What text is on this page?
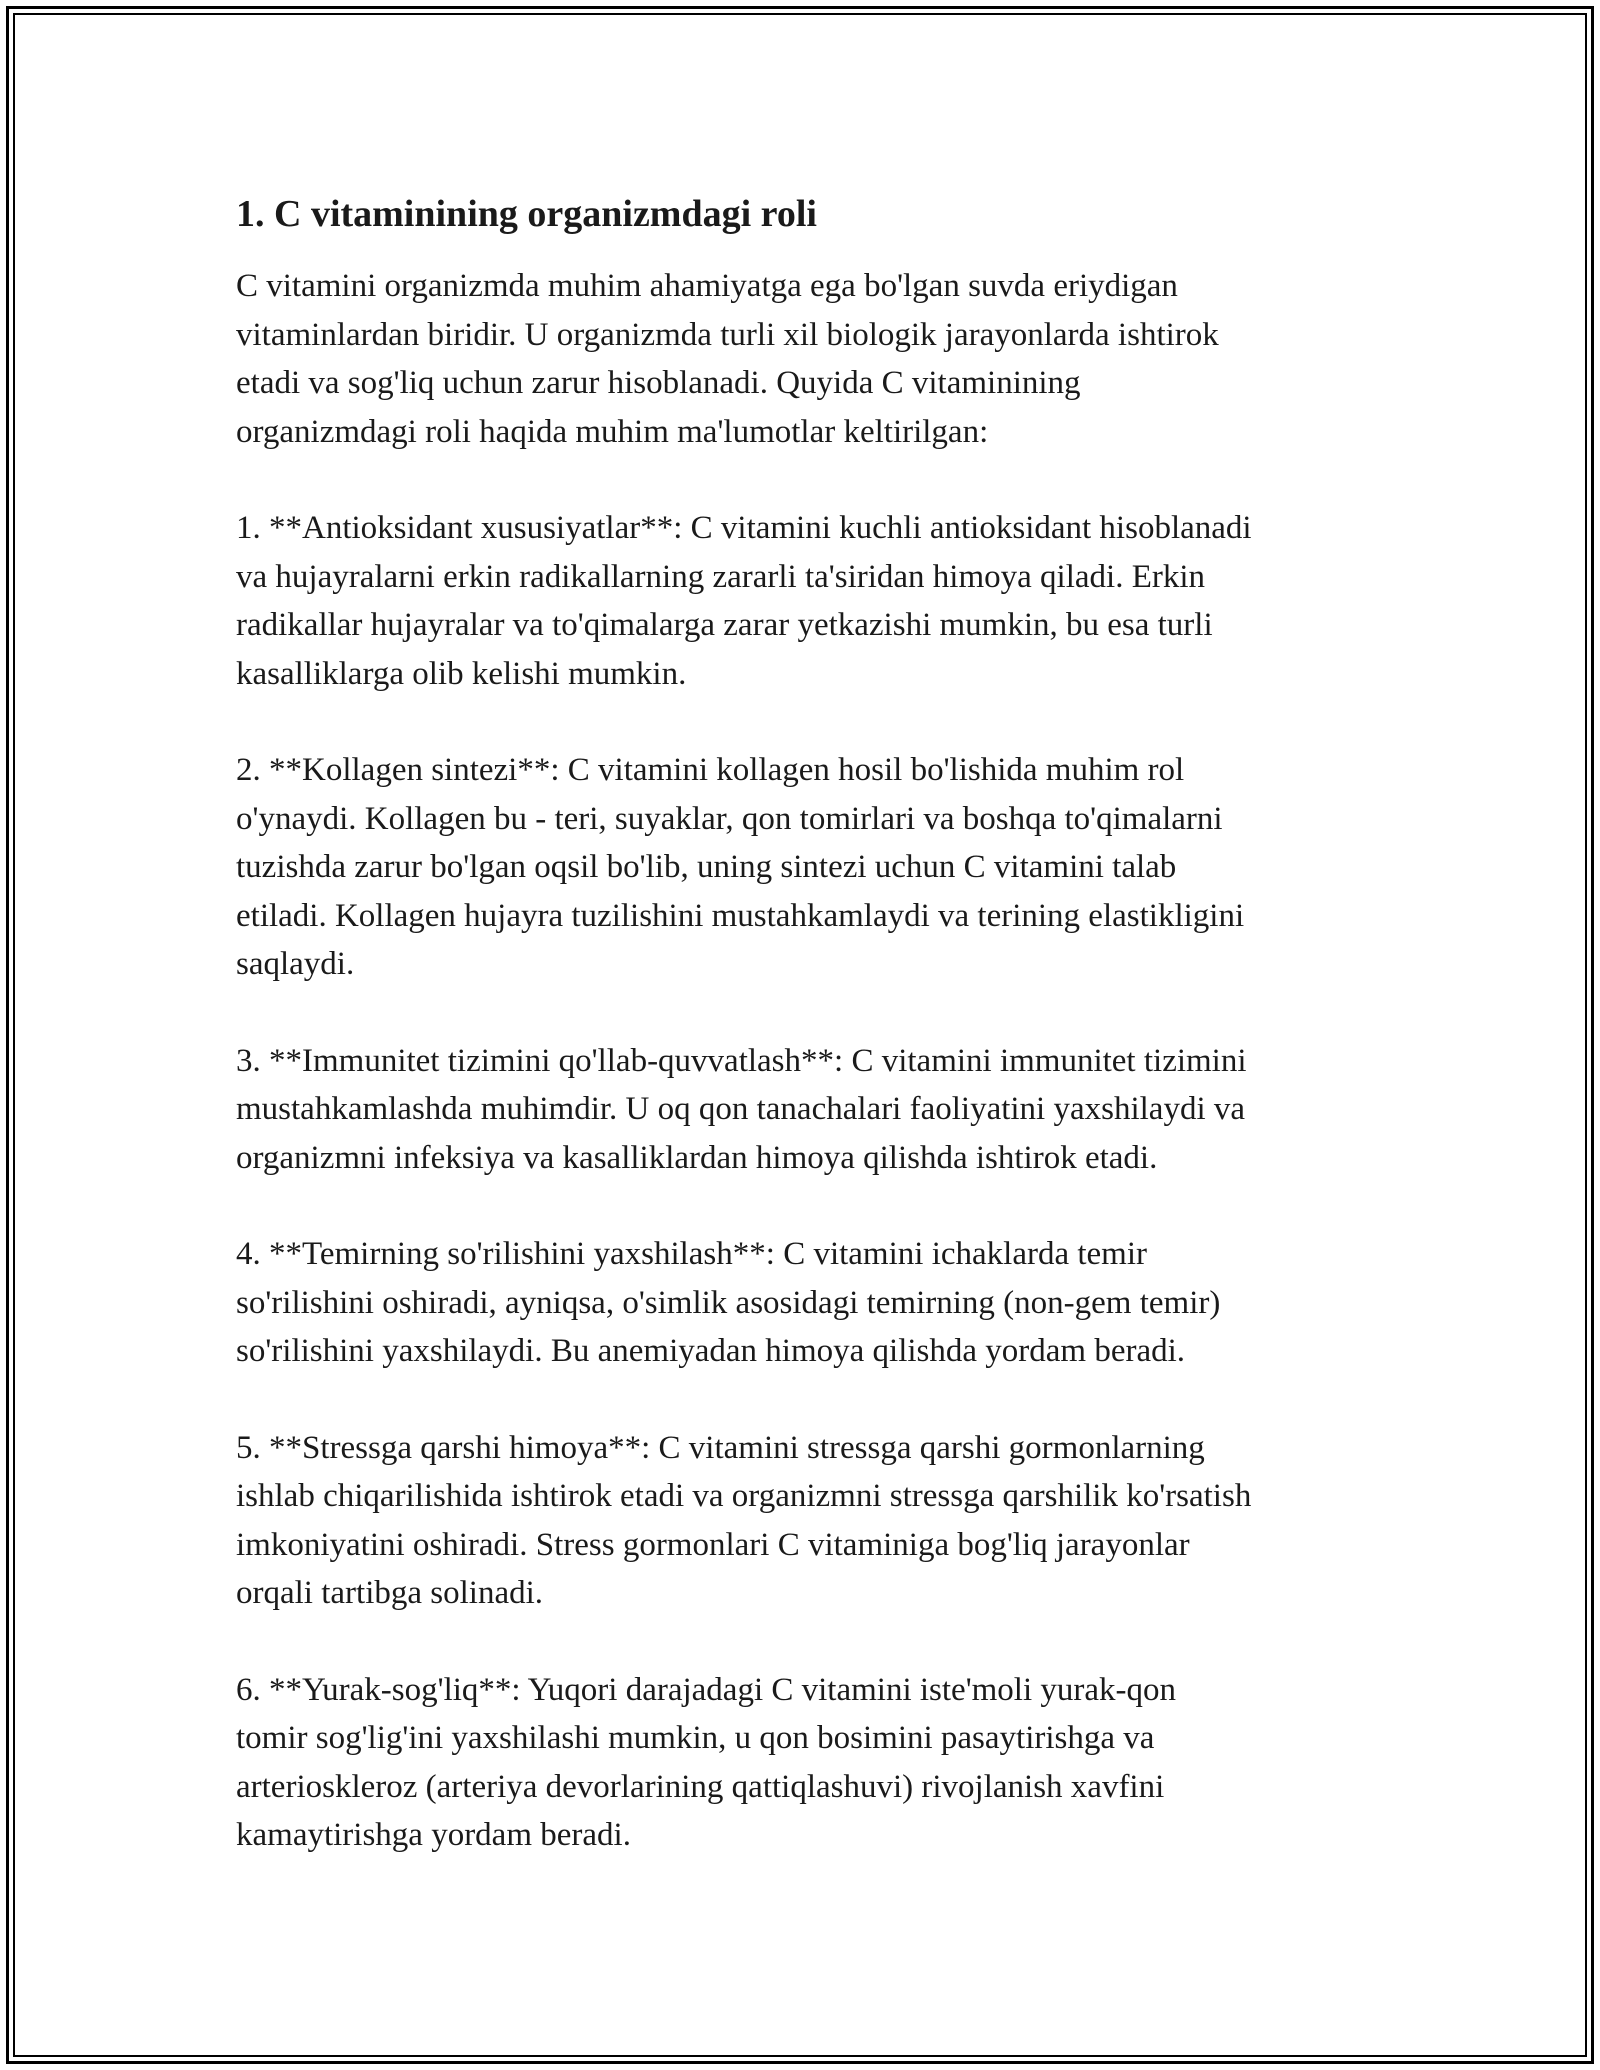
1. C vitaminining organizmdagi roli

C vitamini organizmda muhim ahamiyatga ega bo'lgan suvda eriydigan
vitaminlardan biridir. U organizmda turli xil biologik jarayonlarda ishtirok
etadi va sog'liq uchun zarur hisoblanadi. Quyida C vitaminining
organizmdagi roli haqida muhim ma'lumotlar keltirilgan:

1. **Antioksidant xususiyatlar**: C vitamini kuchli antioksidant hisoblanadi
va hujayralarni erkin radikallarning zararli ta'siridan himoya qiladi. Erkin
radikallar hujayralar va to'qimalarga zarar yetkazishi mumkin, bu esa turli
kasalliklarga olib kelishi mumkin.

2. **Kollagen sintezi**: C vitamini kollagen hosil bo'lishida muhim rol
o'ynaydi. Kollagen bu - teri, suyaklar, qon tomirlari va boshqa to'qimalarni
tuzishda zarur bo'lgan oqsil bo'lib, uning sintezi uchun C vitamini talab
etiladi. Kollagen hujayra tuzilishini mustahkamlaydi va terining elastikligini
saqlaydi.

3. **Immunitet tizimini qo'llab-quvvatlash**: C vitamini immunitet tizimini
mustahkamlashda muhimdir. U oq qon tanachalari faoliyatini yaxshilaydi va
organizmni infeksiya va kasalliklardan himoya qilishda ishtirok etadi.

4. **Temirning so'rilishini yaxshilash**: C vitamini ichaklarda temir
so'rilishini oshiradi, ayniqsa, o'simlik asosidagi temirning (non-gem temir)
so'rilishini yaxshilaydi. Bu anemiyadan himoya qilishda yordam beradi.

5. **Stressga qarshi himoya**: C vitamini stressga qarshi gormonlarning
ishlab chiqarilishida ishtirok etadi va organizmni stressga qarshilik ko'rsatish
imkoniyatini oshiradi. Stress gormonlari C vitaminiga bog'liq jarayonlar
orqali tartibga solinadi.

6. **Yurak-sog'liq**: Yuqori darajadagi C vitamini iste'moli yurak-qon
tomir sog'lig'ini yaxshilashi mumkin, u qon bosimini pasaytirishga va
arterioskleroz (arteriya devorlarining qattiqlashuvi) rivojlanish xavfini
kamaytirishga yordam beradi.
